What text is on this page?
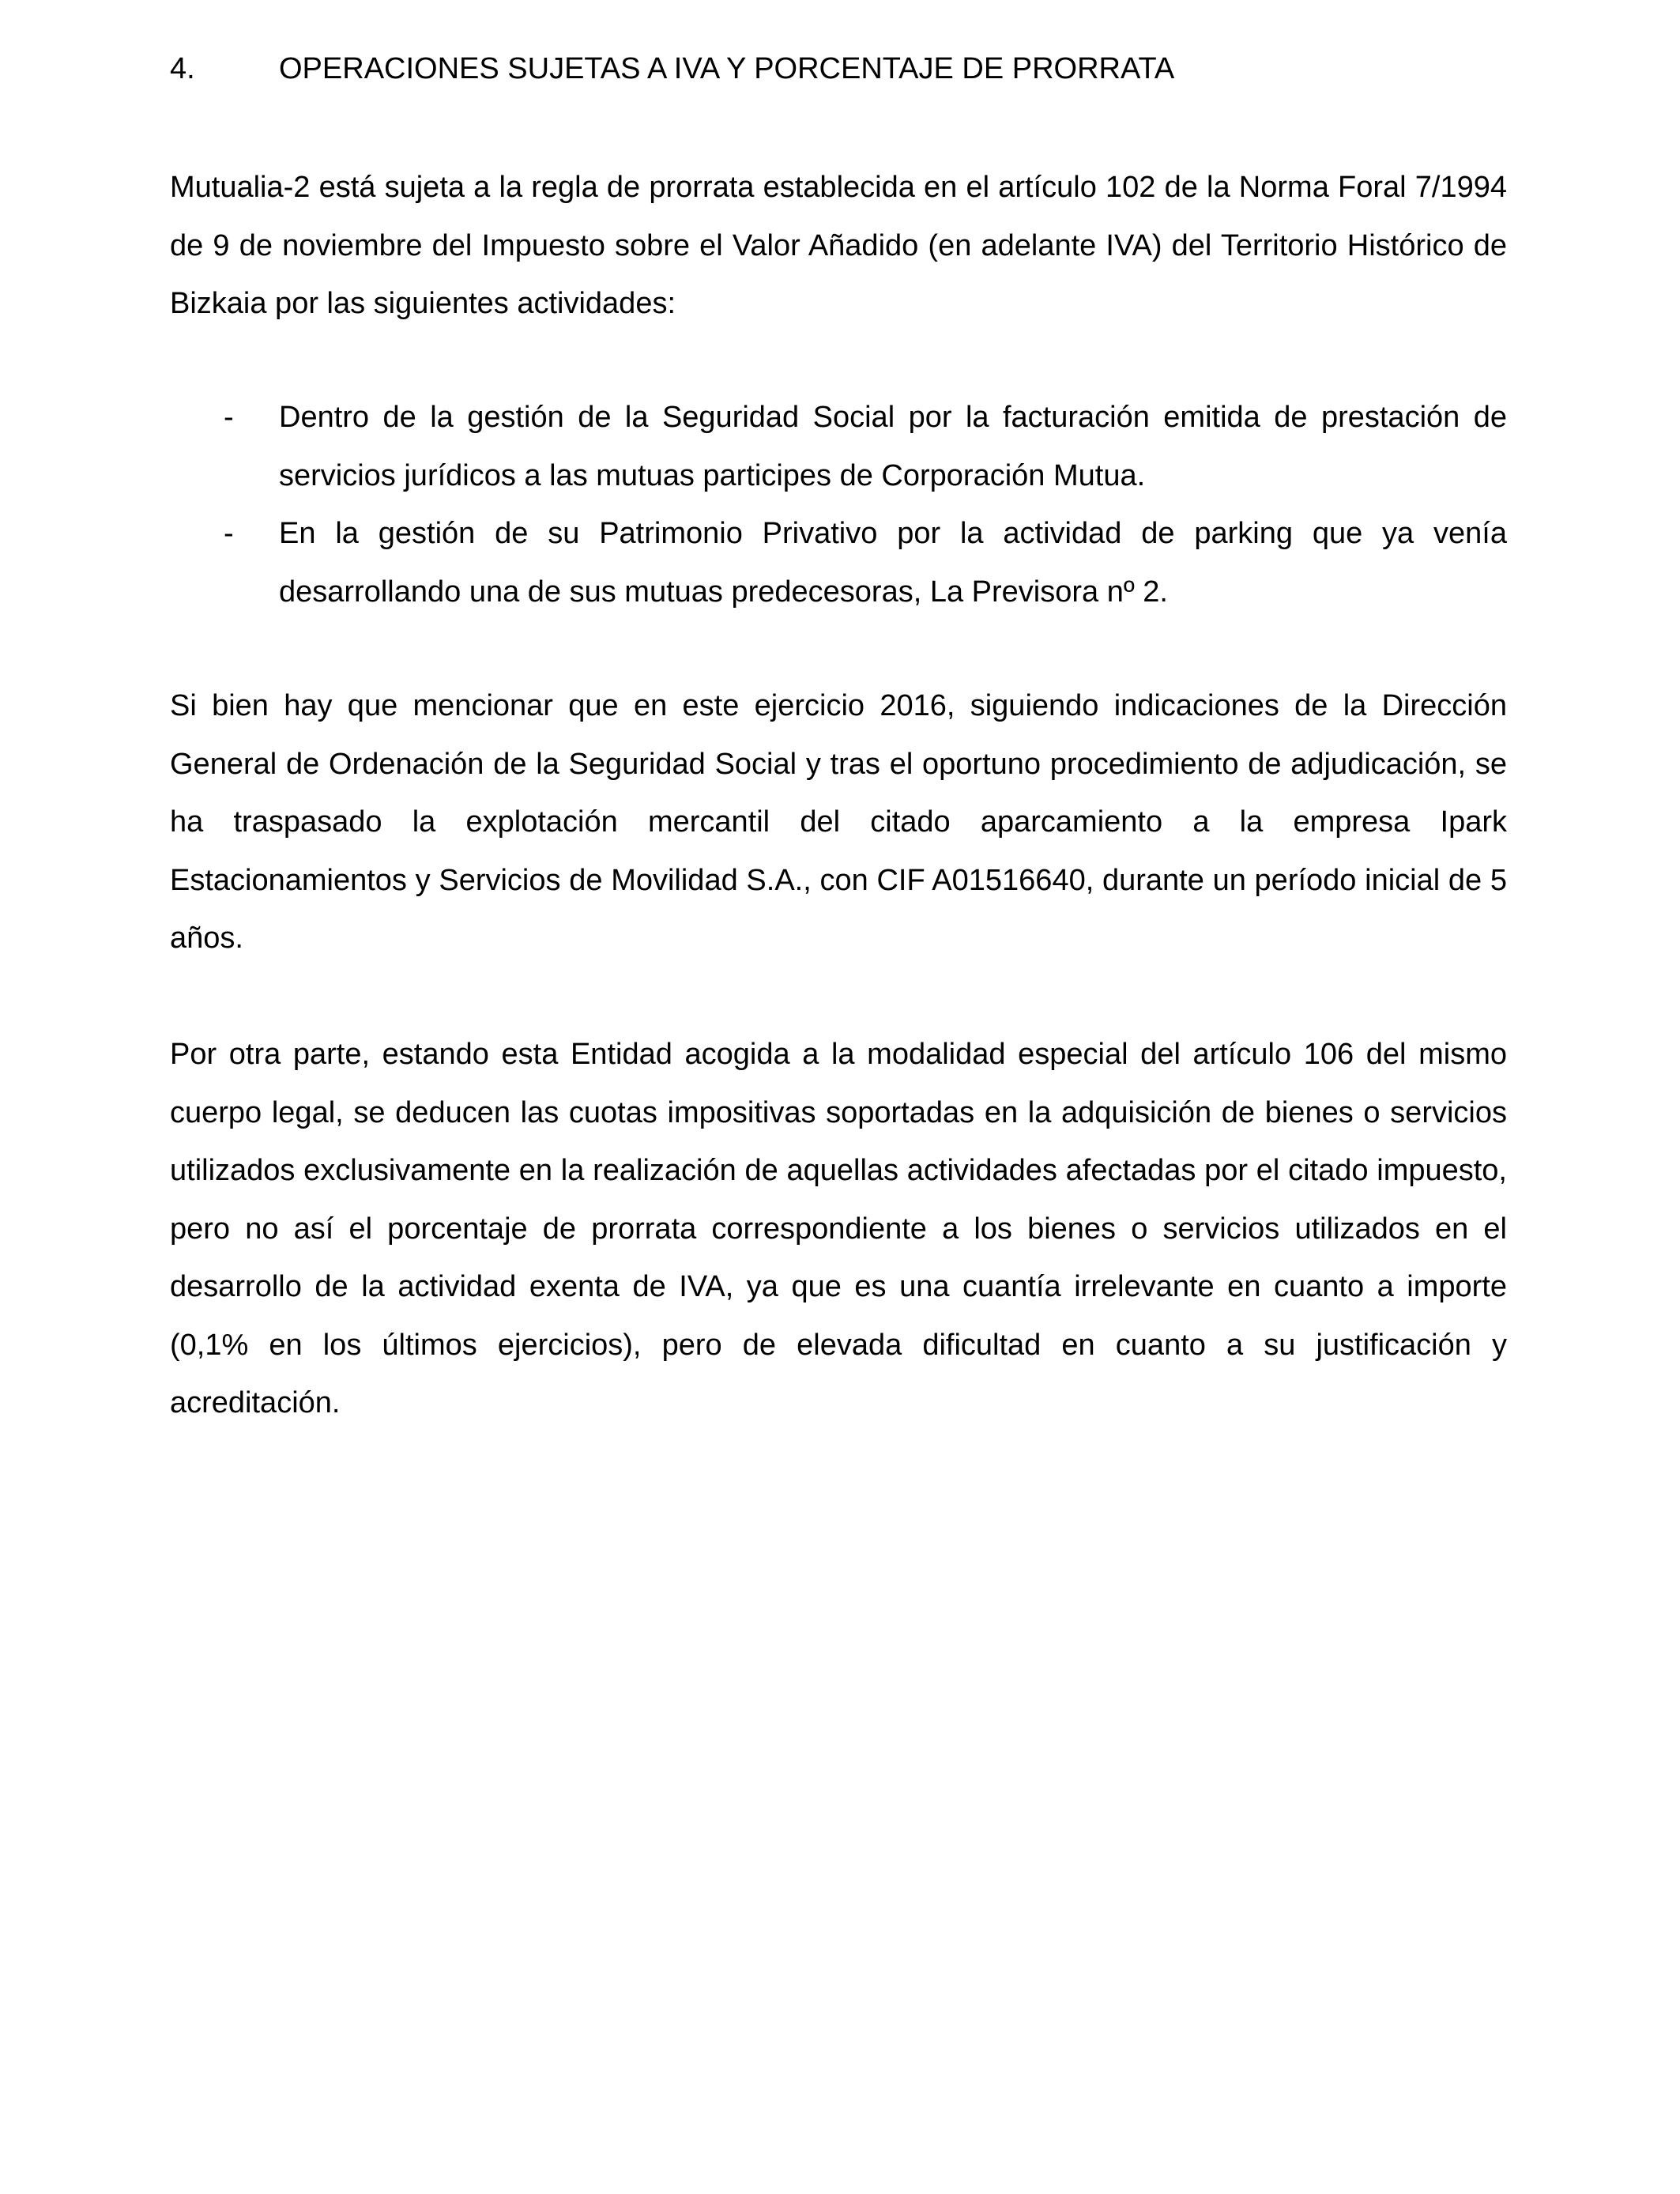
4.	OPERACIONES SUJETAS A IVA Y PORCENTAJE DE PRORRATA

Mutualia-2 está sujeta a la regla de prorrata establecida en el artículo 102 de la Norma Foral 7/1994 de 9 de noviembre del Impuesto sobre el Valor Añadido (en adelante IVA) del Territorio Histórico de Bizkaia por las siguientes actividades:

- Dentro de la gestión de la Seguridad Social por la facturación emitida de prestación de servicios jurídicos a las mutuas participes de Corporación Mutua.
- En la gestión de su Patrimonio Privativo por la actividad de parking que ya venía desarrollando una de sus mutuas predecesoras, La Previsora nº 2.

Si bien hay que mencionar que en este ejercicio 2016, siguiendo indicaciones de la Dirección General de Ordenación de la Seguridad Social y tras el oportuno procedimiento de adjudicación, se ha traspasado la explotación mercantil del citado aparcamiento a la empresa Ipark Estacionamientos y Servicios de Movilidad S.A., con CIF A01516640, durante un período inicial de 5 años.

Por otra parte, estando esta Entidad acogida a la modalidad especial del artículo 106 del mismo cuerpo legal, se deducen las cuotas impositivas soportadas en la adquisición de bienes o servicios utilizados exclusivamente en la realización de aquellas actividades afectadas por el citado impuesto, pero no así el porcentaje de prorrata correspondiente a los bienes o servicios utilizados en el desarrollo de la actividad exenta de IVA, ya que es una cuantía irrelevante en cuanto a importe (0,1% en los últimos ejercicios), pero de elevada dificultad en cuanto a su justificación y acreditación.
